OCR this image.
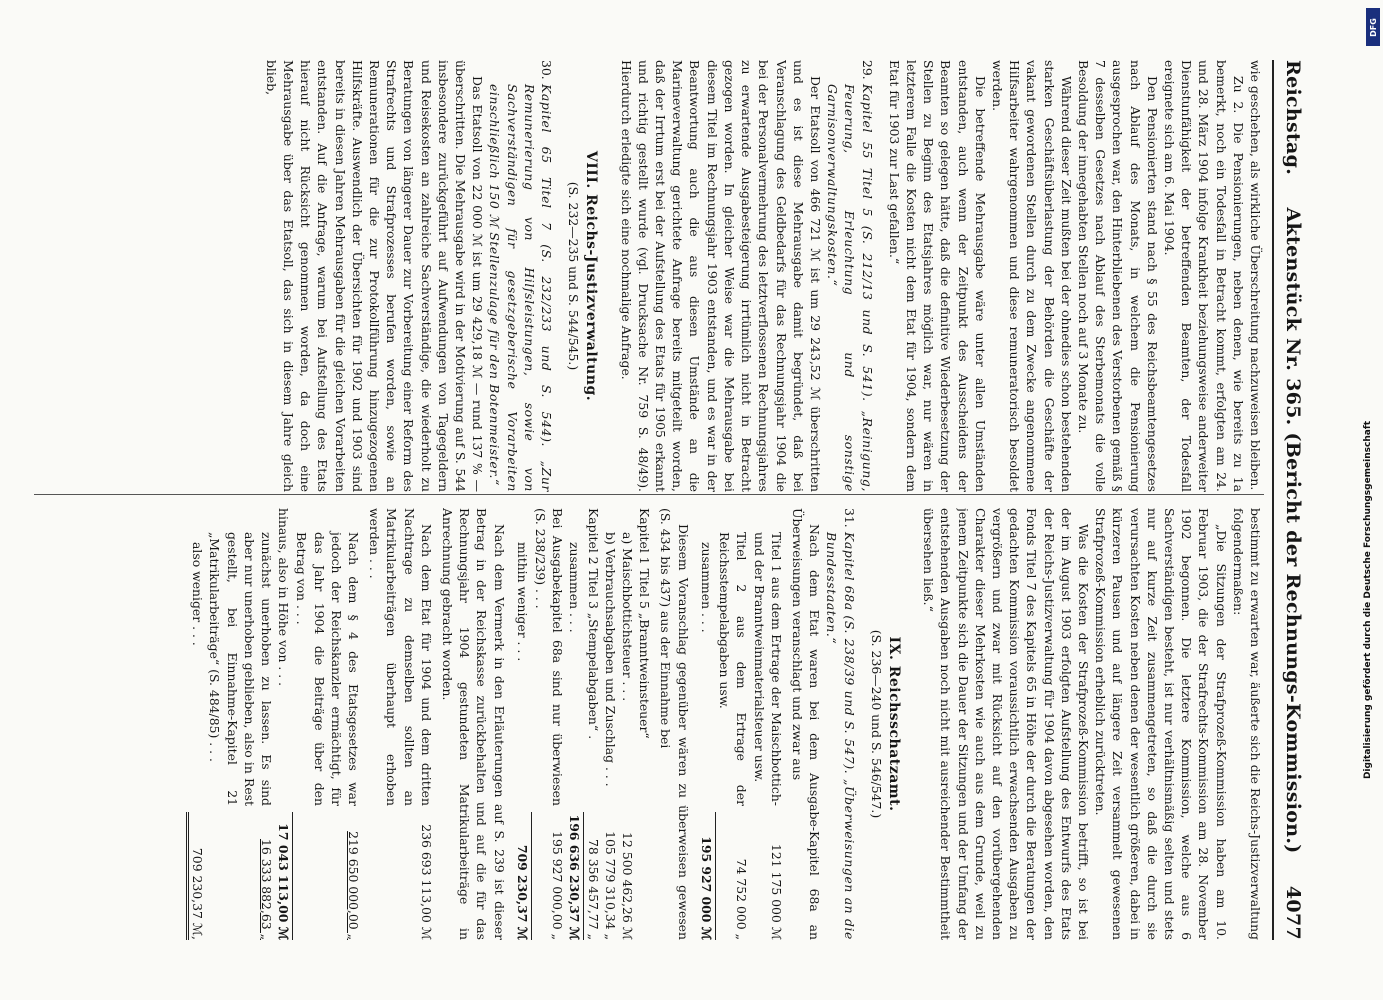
Reichstag.
Aktenstück Nr. 365. (Bericht der Rechnungs-Kommission.)
4077

wie geschehen, als wirkliche Überschreitung nachzuweisen bleiben.

Zu 2. Die Pensionierungen, neben denen, wie bereits zu 1a bemerkt, noch ein Todesfall in Betracht kommt, erfolgten am 24. und 28. März 1904 infolge Krankheit beziehungsweise anderweiter Dienstunfähigkeit der betreffenden Beamten, der Todesfall ereignete sich am 6. Mai 1904.

Den Pensionierten stand nach § 55 des Reichsbeamtengesetzes nach Ablauf des Monats, in welchem die Pensionierung ausgesprochen war, den Hinterbliebenen des Verstorbenen gemäß § 7 desselben Gesetzes nach Ablauf des Sterbemonats die volle Besoldung der innegehabten Stellen noch auf 3 Monate zu.

Während dieser Zeit mußten bei der ohnedies schon bestehenden starken Geschäftsüberlastung der Behörden die Geschäfte der vakant gewordenen Stellen durch zu dem Zwecke angenommene Hilfsarbeiter wahrgenommen und diese remuneratorisch besoldet werden.

Die betreffende Mehrausgabe wäre unter allen Umständen entstanden, auch wenn der Zeitpunkt des Ausscheidens der Beamten so gelegen hätte, daß die definitive Wiederbesetzung der Stellen zu Beginn des Etatsjahres möglich war, nur wären in letzterem Falle die Kosten nicht dem Etat für 1904, sondern dem Etat für 1903 zur Last gefallen.“

29.Kapitel 55 Titel 5 (S. 212/13 und S. 541). „Reinigung, Feuerung, Erleuchtung und sonstige Garnisonverwaltungskosten.“

Der Etatsoll von 466 721 ℳ ist um 29 243,52 ℳ überschritten und es ist diese Mehrausgabe damit begründet, daß bei Veranschlagung des Geldbedarfs für das Rechnungsjahr 1904 die bei der Personalvermehrung des letztverflossenen Rechnungsjahres zu erwartende Ausgabesteigerung irrtümlich nicht in Betracht gezogen worden. In gleicher Weise war die Mehrausgabe bei diesem Titel im Rechnungsjahr 1903 entstanden, und es war in der Beantwortung auch die aus diesen Umstände an die Marineverwaltung gerichtete Anfrage bereits mitgeteilt worden, daß der Irrtum erst bei der Aufstellung des Etats für 1905 erkannt und richtig gestellt wurde (vgl. Drucksache Nr. 759 S. 48/49). Hierdurch erledigte sich eine nochmalige Anfrage.

VIII. Reichs-Justizverwaltung.
(S. 232—235 und S. 544/545.)

30.Kapitel 65 Titel 7 (S. 232/233 und S. 544). „Zur Remunerierung von Hilfsleistungen, sowie von Sachverständigen für gesetzgeberische Vorarbeiten einschließlich 150 ℳ Stellenzulage für den Botenmeister.“

Das Etatsoll von 22 000 ℳ ist um 29 429,18 ℳ — rund 137 % — überschritten. Die Mehrausgabe wird in der Motivierung auf S. 544 insbesondere zurückgeführt auf Aufwendungen von Tagegeldern und Reisekosten an zahlreiche Sachverständige, die wiederholt zu Beratungen von längerer Dauer zur Vorbereitung einer Reform des Strafrechts und Strafprozesses berufen worden, sowie an Remunerationen für die zur Protokollführung hinzugezogenen Hilfskräfte. Auswendlich der Übersichten für 1902 und 1903 sind bereits in diesen Jahren Mehrausgaben für die gleichen Vorarbeiten entstanden. Auf die Anfrage, warum bei Aufstellung des Etats hierauf nicht Rücksicht genommen worden, da doch eine Mehrausgabe über das Etatsoll, das sich in diesem Jahre gleich blieb,

bestimmt zu erwarten war, äußerte sich die Reichs-Justizverwaltung folgendermaßen:

„Die Sitzungen der Strafprozeß-Kommission haben am 10. Februar 1903, die der Strafrechts-Kommission am 28. November 1902 begonnen. Die letztere Kommission, welche aus 6 Sachverständigen besteht, ist nur verhältnismäßig selten und stets nur auf kurze Zeit zusammengetreten, so daß die durch sie verursachten Kosten neben denen der wesentlich größeren, dabei in kürzeren Pausen und auf längere Zeit versammelt gewesenen Strafprozeß-Kommission erheblich zurücktreten.

Was die Kosten der Strafprozeß-Kommission betrifft, so ist bei der im August 1903 erfolgten Aufstellung des Entwurfs des Etats der Reichs-Justizverwaltung für 1904 davon abgesehen worden, den Fonds Titel 7 des Kapitels 65 in Höhe der durch die Beratungen der gedachten Kommission voraussichtlich erwachsenden Ausgaben zu vergrößern und zwar mit Rücksicht auf den vorübergehenden Charakter dieser Mehrkosten wie auch aus dem Grunde, weil zu jenem Zeitpunkte sich die Dauer der Sitzungen und der Umfang der entstehenden Ausgaben noch nicht mit ausreichender Bestimmtheit übersehen ließ.“

IX. Reichsschatzamt.
(S. 236—240 und S. 546/547.)

31.Kapitel 68a (S. 238/39 und S. 547). „Überweisungen an die Bundesstaaten.“

Nach dem Etat waren bei dem Ausgabe-Kapitel 68a an Überweisungen veranschlagt und zwar aus

Titel 1 aus dem Ertrage der Maischbottich- und der Branntweinmaterialsteuer usw.
121 175 000 ℳ
Titel 2 aus dem Ertrage der Reichsstempelabgaben usw.
74 752 000 „
zusammen . . .
195 927 000 ℳ

Diesem Voranschlag gegenüber wären zu überweisen gewesen (S. 434 bis 437) aus der Einnahme bei

Kapitel 1 Titel 5 „Branntweinsteuer“
a) Maischbottichsteuer . . .
12 500 462,26 ℳ
b) Verbrauchsabgaben und Zuschlag . . .
105 779 310,34 „
Kapitel 2 Titel 3 „Stempelabgaben“ .
78 356 457,77 „
zusammen . . .
196 636 230,37 ℳ
Bei Ausgabekapitel 68a sind nur überwiesen (S. 238/239) . . .
195 927 000,00 „
mithin weniger . . .
709 230,37 ℳ

Nach dem Vermerk in den Erläuterungen auf S. 239 ist dieser Betrag in der Reichskasse zurückbehalten und auf die für das Rechnungsjahr 1904 gestundeten Matrikularbeiträge in Anrechnung gebracht worden.

Nach dem Etat für 1904 und dem dritten Nachtrage zu demselben sollten an Matrikularbeiträgen überhaupt erhoben werden . . .
236 693 113,00 ℳ
Nach dem § 4 des Etatsgesetzes war jedoch der Reichskanzler ermächtigt, für das Jahr 1904 die Beiträge über den Betrag von . . .
219 650 000,00 „
hinaus, also in Höhe von . . .
17 043 113,00 ℳ
zunächst unerhoben zu lassen. Es sind aber nur unerhoben geblieben, also in Rest gestellt, bei Einnahme-Kapitel 21 „Matrikularbeiträge“ (S. 484/85) . . .
16 333 882,63 „
also weniger . . .
709 230,37 ℳ,
DFG
Digitalisierung gefördert durch die Deutsche Forschungsgemeinschaft
